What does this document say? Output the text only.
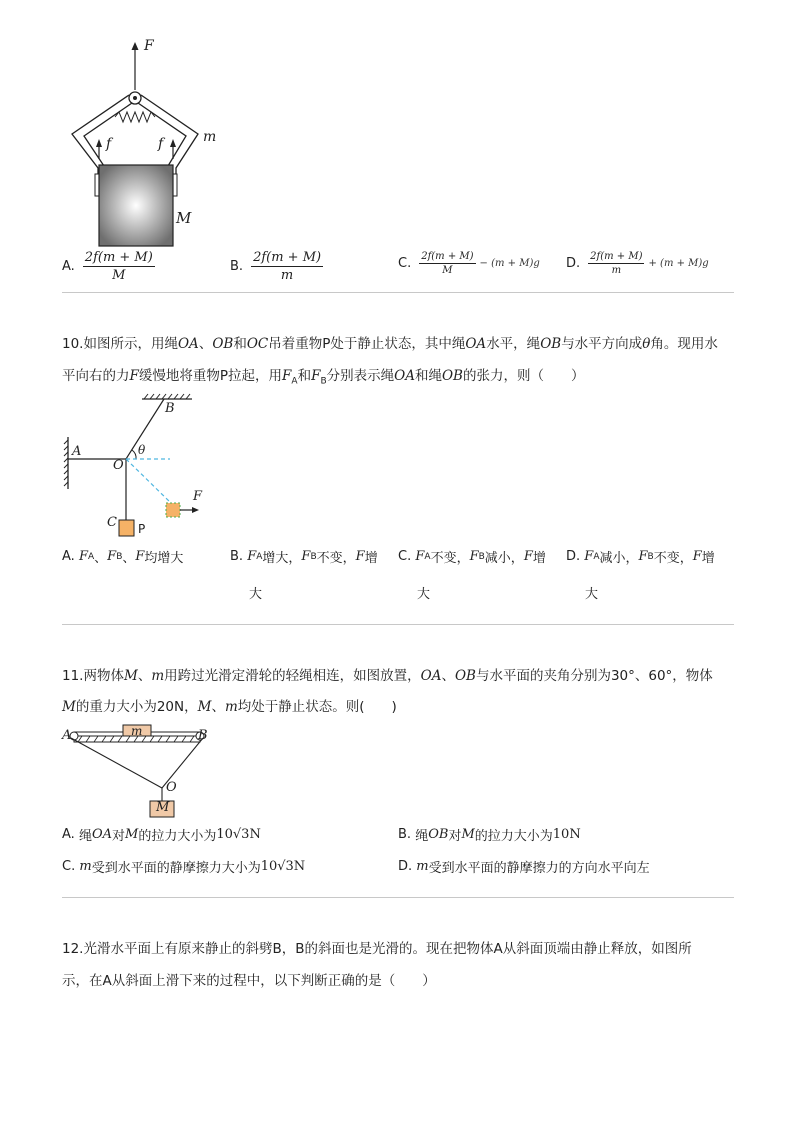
F
f	f	m
M
A. $\frac{2f(m + M)}{M}$	B. $\frac{2f(m + M)}{m}$	C. $\frac{2f(m + M)}{M} - (m + M)g$ D. $\frac{2f(m + M)}{m} + (m + M)g$
10.如图所示，用绳OA、OB和OC吊着重物P处于静止状态，其中绳OA水平，绳OB与水平方向成θ角。现用水
平向右的力F缓慢地将重物P拉起，用$F_A$和$F_B$分别表示绳OA和绳OB的张力，则（　　）
B
A
O
θ
F
C P
A.
F A 、 F B 、 F 均增大	B.
F A 增大， F B 不变， F 增
大
C.
F A 不变， F B 减小， F 增
大
D.
F A 减小， F B 不变， F 增
大
11.两物体M、m用跨过光滑定滑轮的轻绳相连，如图放置，OA、OB与水平面的夹角分别为30°、60°，物体
M的重力大小为20N，M、m均处于静止状态。则(　　)
A	m	B
O
M
A.
绳 OA 对 M 的拉力大小为 10√3N	B.
绳 OB 对 M 的拉力大小为 10N
C.
m 受到水平面的静摩擦力大小为 10√3N	D.
m 受到水平面的静摩擦力的方向水平向左
12.光滑水平面上有原来静止的斜劈B，B的斜面也是光滑的。现在把物体A从斜面顶端由静止释放，如图所
示，在A从斜面上滑下来的过程中，以下判断正确的是（　　）
